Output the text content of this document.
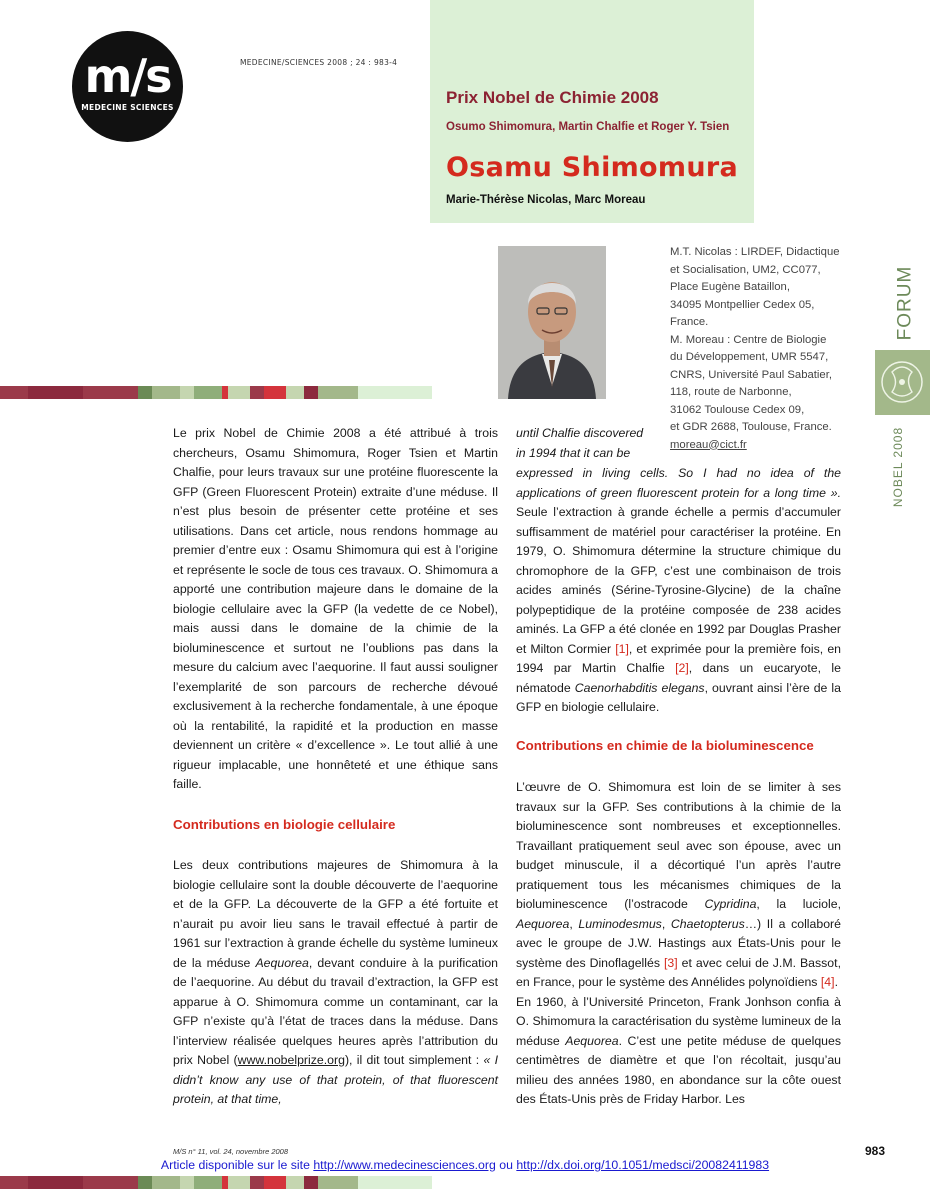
m/s
MEDECINE SCIENCES
MEDECINE/SCIENCES 2008 ; 24 : 983-4
Prix Nobel de Chimie 2008
Osumo Shimomura, Martin Chalfie et Roger Y. Tsien
Osamu Shimomura
Marie-Thérèse Nicolas, Marc Moreau
M.T. Nicolas : LIRDEF, Didactique
et Socialisation, UM2, CC077,
Place Eugène Bataillon,
34095 Montpellier Cedex 05,
France.
M. Moreau : Centre de Biologie
du Développement, UMR 5547,
CNRS, Université Paul Sabatier,
118, route de Narbonne,
31062 Toulouse Cedex 09,
et GDR 2688, Toulouse, France.
moreau@cict.fr
FORUM
NOBEL 2008

Le prix Nobel de Chimie 2008 a été attribué à trois chercheurs, Osamu Shimomura, Roger Tsien et Martin Chalfie, pour leurs travaux sur une protéine fluorescente la GFP (Green Fluorescent Protein) extraite d’une méduse. Il n’est plus besoin de présenter cette protéine et ses utilisations. Dans cet article, nous rendons hommage au premier d’entre eux : Osamu Shimomura qui est à l’origine et représente le socle de tous ces travaux. O. Shimomura a apporté une contribution majeure dans le domaine de la biologie cellulaire avec la GFP (la vedette de ce Nobel), mais aussi dans le domaine de la chimie de la bioluminescence et surtout ne l’oublions pas dans la mesure du calcium avec l’aequorine. Il faut aussi souligner l’exemplarité de son parcours de recherche dévoué exclusivement à la recherche fondamentale, à une époque où la rentabilité, la rapidité et la production en masse deviennent un critère « d’excellence ». Le tout allié à une rigueur implacable, une honnêteté et une éthique sans faille.

Contributions en biologie cellulaire

Les deux contributions majeures de Shimomura à la biologie cellulaire sont la double découverte de l’aequorine et de la GFP. La découverte de la GFP a été fortuite et n’aurait pu avoir lieu sans le travail effectué à partir de 1961 sur l’extraction à grande échelle du système lumineux de la méduse Aequorea, devant conduire à la purification de l’aequorine. Au début du travail d’extraction, la GFP est apparue à O. Shimomura comme un contaminant, car la GFP n’existe qu’à l’état de traces dans la méduse. Dans l’interview réalisée quelques heures après l’attribution du prix Nobel (www.nobelprize.org), il dit tout simplement : « I didn’t know any use of that protein, of that fluorescent protein, at that time,

until Chalfie discovered in 1994 that it can be

expressed in living cells. So I had no idea of the applications of green fluorescent protein for a long time ». Seule l’extraction à grande échelle a permis d’accumuler suffisamment de matériel pour caractériser la protéine. En 1979, O. Shimomura détermine la structure chimique du chromophore de la GFP, c’est une combinaison de trois acides aminés (Sérine-Tyrosine-Glycine) de la chaîne polypeptidique de la protéine composée de 238 acides aminés. La GFP a été clonée en 1992 par Douglas Prasher et Milton Cormier [1], et exprimée pour la première fois, en 1994 par Martin Chalfie [2], dans un eucaryote, le nématode Caenorhabditis elegans, ouvrant ainsi l’ère de la GFP en biologie cellulaire.

Contributions en chimie de la bioluminescence

L’œuvre de O. Shimomura est loin de se limiter à ses travaux sur la GFP. Ses contributions à la chimie de la bioluminescence sont nombreuses et exceptionnelles. Travaillant pratiquement seul avec son épouse, avec un budget minuscule, il a décortiqué l’un après l’autre pratiquement tous les mécanismes chimiques de la bioluminescence (l’ostracode Cypridina, la luciole, Aequorea, Luminodesmus, Chaetopterus…) Il a collaboré avec le groupe de J.W. Hastings aux États-Unis pour le système des Dinoflagellés [3] et avec celui de J.M. Bassot, en France, pour le système des Annélides polynoïdiens [4].

En 1960, à l’Université Princeton, Frank Jonhson confia à O. Shimomura la caractérisation du système lumineux de la méduse Aequorea. C’est une petite méduse de quelques centimètres de diamètre et que l’on récoltait, jusqu’au milieu des années 1980, en abondance sur la côte ouest des États-Unis près de Friday Harbor. Les

M/S n° 11, vol. 24, novembre 2008	983
Article disponible sur le site http://www.medecinesciences.org ou http://dx.doi.org/10.1051/medsci/20082411983
